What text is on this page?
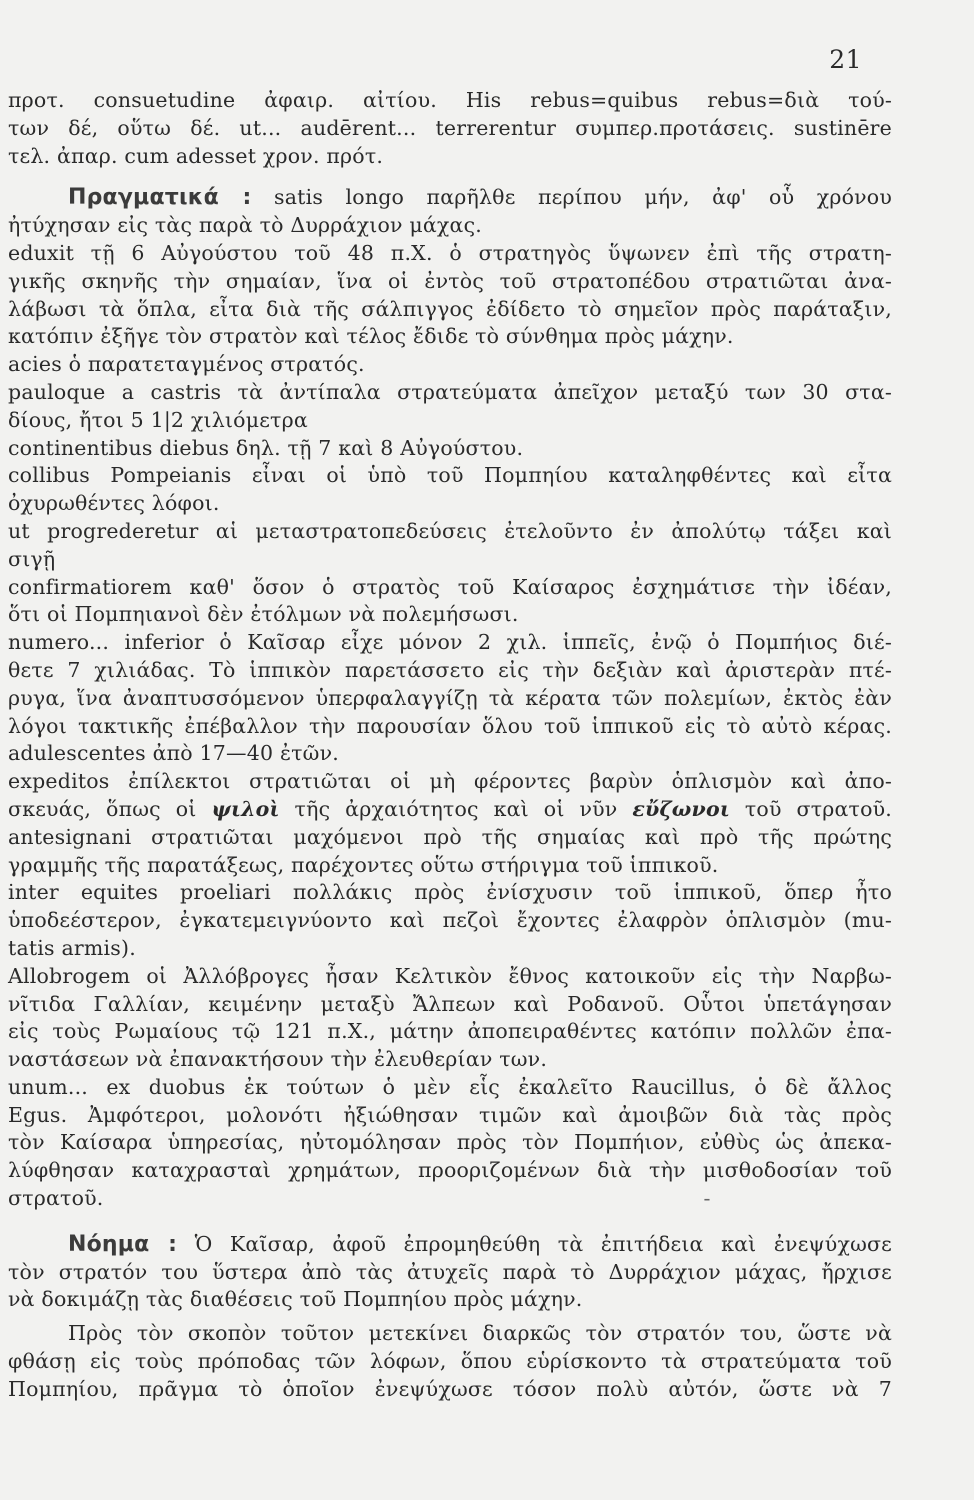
21
προτ. consuetudine ἀφαιρ. αἰτίου. His rebus=quibus rebus=διὰ τού-
των δέ, οὕτω δέ. ut... audērent... terrerentur συμπερ.προτάσεις. sustinēre
τελ. ἀπαρ. cum adesset χρον. πρότ.
Πραγματικά : satis longo παρῆλθε περίπου μήν, ἀφ' οὗ χρόνου
ἠτύχησαν εἰς τὰς παρὰ τὸ Δυρράχιον μάχας.
eduxit τῇ 6 Αὐγούστου τοῦ 48 π.Χ. ὁ στρατηγὸς ὕψωνεν ἐπὶ τῆς στρατη-
γικῆς σκηνῆς τὴν σημαίαν, ἵνα οἱ ἐντὸς τοῦ στρατοπέδου στρατιῶται ἀνα-
λάβωσι τὰ ὅπλα, εἶτα διὰ τῆς σάλπιγγος ἐδίδετο τὸ σημεῖον πρὸς παράταξιν,
κατόπιν ἐξῆγε τὸν στρατὸν καὶ τέλος ἔδιδε τὸ σύνθημα πρὸς μάχην.
acies ὁ παρατεταγμένος στρατός.
pauloque a castris τὰ ἀντίπαλα στρατεύματα ἀπεῖχον μεταξύ των 30 στα-
δίους, ἤτοι 5 1|2 χιλιόμετρα
continentibus diebus δηλ. τῇ 7 καὶ 8 Αὐγούστου.
collibus Pompeianis εἶναι οἱ ὑπὸ τοῦ Πομπηίου καταληφθέντες καὶ εἶτα
ὀχυρωθέντες λόφοι.
ut progrederetur αἱ μεταστρατοπεδεύσεις ἐτελοῦντο ἐν ἀπολύτῳ τάξει καὶ
σιγῇ
confirmatiorem καθ' ὅσον ὁ στρατὸς τοῦ Καίσαρος ἐσχημάτισε τὴν ἰδέαν,
ὅτι οἱ Πομπηιανοὶ δὲν ἐτόλμων νὰ πολεμήσωσι.
numero... inferior ὁ Καῖσαρ εἶχε μόνον 2 χιλ. ἱππεῖς, ἐνῷ ὁ Πομπήιος διέ-
θετε 7 χιλιάδας. Τὸ ἱππικὸν παρετάσσετο εἰς τὴν δεξιὰν καὶ ἀριστερὰν πτέ-
ρυγα, ἵνα ἀναπτυσσόμενον ὑπερφαλαγγίζῃ τὰ κέρατα τῶν πολεμίων, ἐκτὸς ἐὰν
λόγοι τακτικῆς ἐπέβαλλον τὴν παρουσίαν ὅλου τοῦ ἱππικοῦ εἰς τὸ αὐτὸ κέρας.
adulescentes ἀπὸ 17—40 ἐτῶν.
expeditos ἐπίλεκτοι στρατιῶται οἱ μὴ φέροντες βαρὺν ὁπλισμὸν καὶ ἀπο-
σκευάς, ὅπως οἱ ψιλοὶ τῆς ἀρχαιότητος καὶ οἱ νῦν εὔζωνοι τοῦ στρατοῦ.
antesignani στρατιῶται μαχόμενοι πρὸ τῆς σημαίας καὶ πρὸ τῆς πρώτης
γραμμῆς τῆς παρατάξεως, παρέχοντες οὕτω στήριγμα τοῦ ἱππικοῦ.
inter equites proeliari πολλάκις πρὸς ἐνίσχυσιν τοῦ ἱππικοῦ, ὅπερ ἦτο
ὑποδεέστερον, ἐγκατεμειγνύοντο καὶ πεζοὶ ἔχοντες ἐλαφρὸν ὁπλισμὸν (mu-
tatis armis).
Allobrogem οἱ Ἀλλόβρογες ἦσαν Κελτικὸν ἔθνος κατοικοῦν εἰς τὴν Ναρβω-
νῖτιδα Γαλλίαν, κειμένην μεταξὺ Ἄλπεων καὶ Ροδανοῦ. Οὗτοι ὑπετάγησαν
εἰς τοὺς Ρωμαίους τῷ 121 π.Χ., μάτην ἀποπειραθέντες κατόπιν πολλῶν ἐπα-
ναστάσεων νὰ ἐπανακτήσουν τὴν ἐλευθερίαν των.
unum... ex duobus ἐκ τούτων ὁ μὲν εἷς ἐκαλεῖτο Raucillus, ὁ δὲ ἄλλος
Egus. Ἀμφότεροι, μολονότι ἠξιώθησαν τιμῶν καὶ ἀμοιβῶν διὰ τὰς πρὸς
τὸν Καίσαρα ὑπηρεσίας, ηὐτομόλησαν πρὸς τὸν Πομπήιον, εὐθὺς ὡς ἀπεκα-
λύφθησαν καταχρασταὶ χρημάτων, προοριζομένων διὰ τὴν μισθοδοσίαν τοῦ
στρατοῦ.	-
Νόημα : Ὁ Καῖσαρ, ἀφοῦ ἐπρομηθεύθη τὰ ἐπιτήδεια καὶ ἐνεψύχωσε
τὸν στρατόν του ὕστερα ἀπὸ τὰς ἀτυχεῖς παρὰ τὸ Δυρράχιον μάχας, ἤρχισε
νὰ δοκιμάζῃ τὰς διαθέσεις τοῦ Πομπηίου πρὸς μάχην.
Πρὸς τὸν σκοπὸν τοῦτον μετεκίνει διαρκῶς τὸν στρατόν του, ὥστε νὰ
φθάσῃ εἰς τοὺς πρόποδας τῶν λόφων, ὅπου εὑρίσκοντο τὰ στρατεύματα τοῦ
Πομπηίου, πρᾶγμα τὸ ὁποῖον ἐνεψύχωσε τόσον πολὺ αὐτόν, ὥστε νὰ 7
